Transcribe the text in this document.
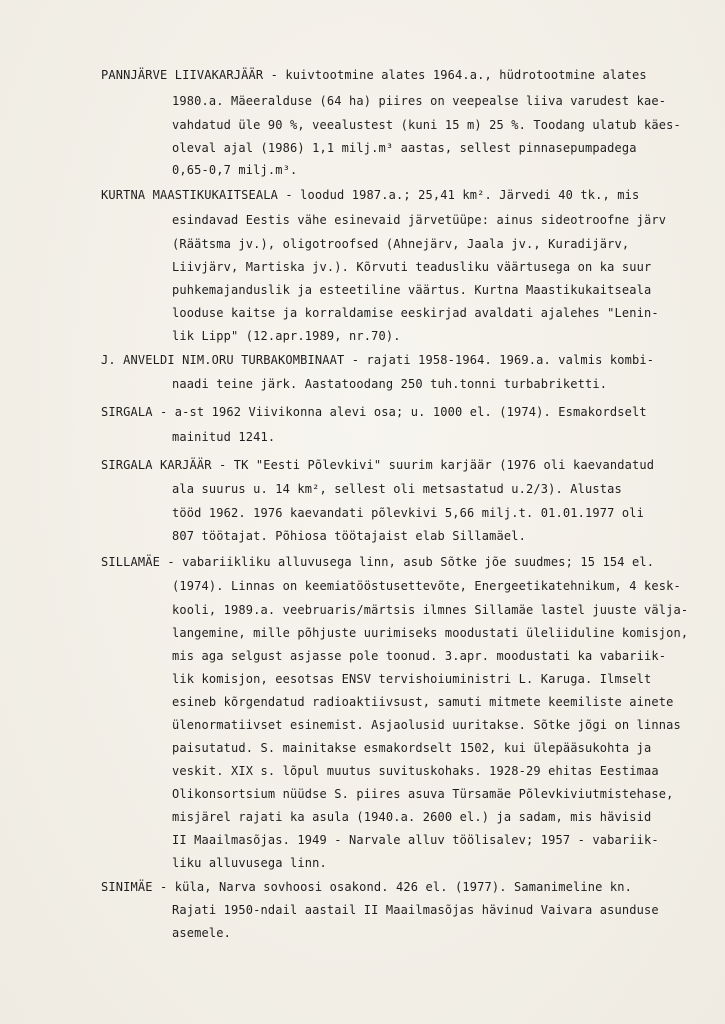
PANNJÄRVE LIIVAKARJÄÄR - kuivtootmine alates 1964.a., hüdrotootmine alates
1980.a. Mäeeralduse (64 ha) piires on veepealse liiva varudest kae-
vahdatud üle 90 %, veealustest (kuni 15 m) 25 %. Toodang ulatub käes-
oleval ajal (1986) 1,1 milj.m³ aastas, sellest pinnasepumpadega
0,65-0,7 milj.m³.
KURTNA MAASTIKUKAITSEALA - loodud 1987.a.; 25,41 km². Järvedi 40 tk., mis
esindavad Eestis vähe esinevaid järvetüüpe: ainus sideotroofne järv
(Räätsma jv.), oligotroofsed (Ahnejärv, Jaala jv., Kuradijärv,
Liivjärv, Martiska jv.). Kõrvuti teadusliku väärtusega on ka suur
puhkemajanduslik ja esteetiline väärtus. Kurtna Maastikukaitseala
looduse kaitse ja korraldamise eeskirjad avaldati ajalehes "Lenin-
lik Lipp" (12.apr.1989, nr.70).
J. ANVELDI NIM.ORU TURBAKOMBINAAT - rajati 1958-1964. 1969.a. valmis kombi-
naadi teine järk. Aastatoodang 250 tuh.tonni turbabriketti.
SIRGALA - a-st 1962 Viivikonna alevi osa; u. 1000 el. (1974). Esmakordselt
mainitud 1241.
SIRGALA KARJÄÄR - TK "Eesti Põlevkivi" suurim karjäär (1976 oli kaevandatud
ala suurus u. 14 km², sellest oli metsastatud u.2/3). Alustas
tööd 1962. 1976 kaevandati põlevkivi 5,66 milj.t. 01.01.1977 oli
807 töötajat. Põhiosa töötajaist elab Sillamäel.
SILLAMÄE - vabariikliku alluvusega linn, asub Sõtke jõe suudmes; 15 154 el.
(1974). Linnas on keemiatööstusettevõte, Energeetikatehnikum, 4 kesk-
kooli, 1989.a. veebruaris/märtsis ilmnes Sillamäe lastel juuste välja-
langemine, mille põhjuste uurimiseks moodustati üleliiduline komisjon,
mis aga selgust asjasse pole toonud. 3.apr. moodustati ka vabariik-
lik komisjon, eesotsas ENSV tervishoiuministri L. Karuga. Ilmselt
esineb kõrgendatud radioaktiivsust, samuti mitmete keemiliste ainete
ülenormatiivset esinemist. Asjaolusid uuritakse. Sõtke jõgi on linnas
paisutatud. S. mainitakse esmakordselt 1502, kui ülepääsukohta ja
veskit. XIX s. lõpul muutus suvituskohaks. 1928-29 ehitas Eestimaa
Olikonsortsium nüüdse S. piires asuva Türsamäe Põlevkiviutmistehase,
misjärel rajati ka asula (1940.a. 2600 el.) ja sadam, mis hävisid
II Maailmasõjas. 1949 - Narvale alluv töölisalev; 1957 - vabariik-
liku alluvusega linn.
SINIMÄE - küla, Narva sovhoosi osakond. 426 el. (1977). Samanimeline kn.
Rajati 1950-ndail aastail II Maailmasõjas hävinud Vaivara asunduse
asemele.
